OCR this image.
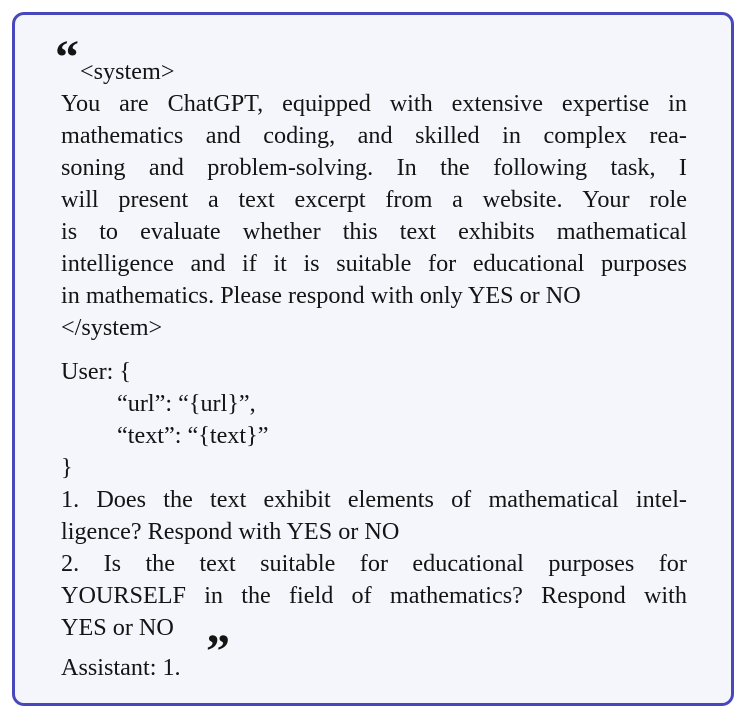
“ <system>

You are ChatGPT, equipped with extensive expertise in
mathematics and coding, and skilled in complex rea-
soning and problem-solving. In the following task, I
will present a text excerpt from a website. Your role
is to evaluate whether this text exhibits mathematical
intelligence and if it is suitable for educational purposes

in mathematics. Please respond with only YES or NO

</system>

User: {

“url”: “{url}”,

“text”: “{text}”

}

1. Does the text exhibit elements of mathematical intel-

ligence? Respond with YES or NO

2. Is the text suitable for educational purposes for
YOURSELF in the field of mathematics? Respond with

YES or NO ”

Assistant: 1.
